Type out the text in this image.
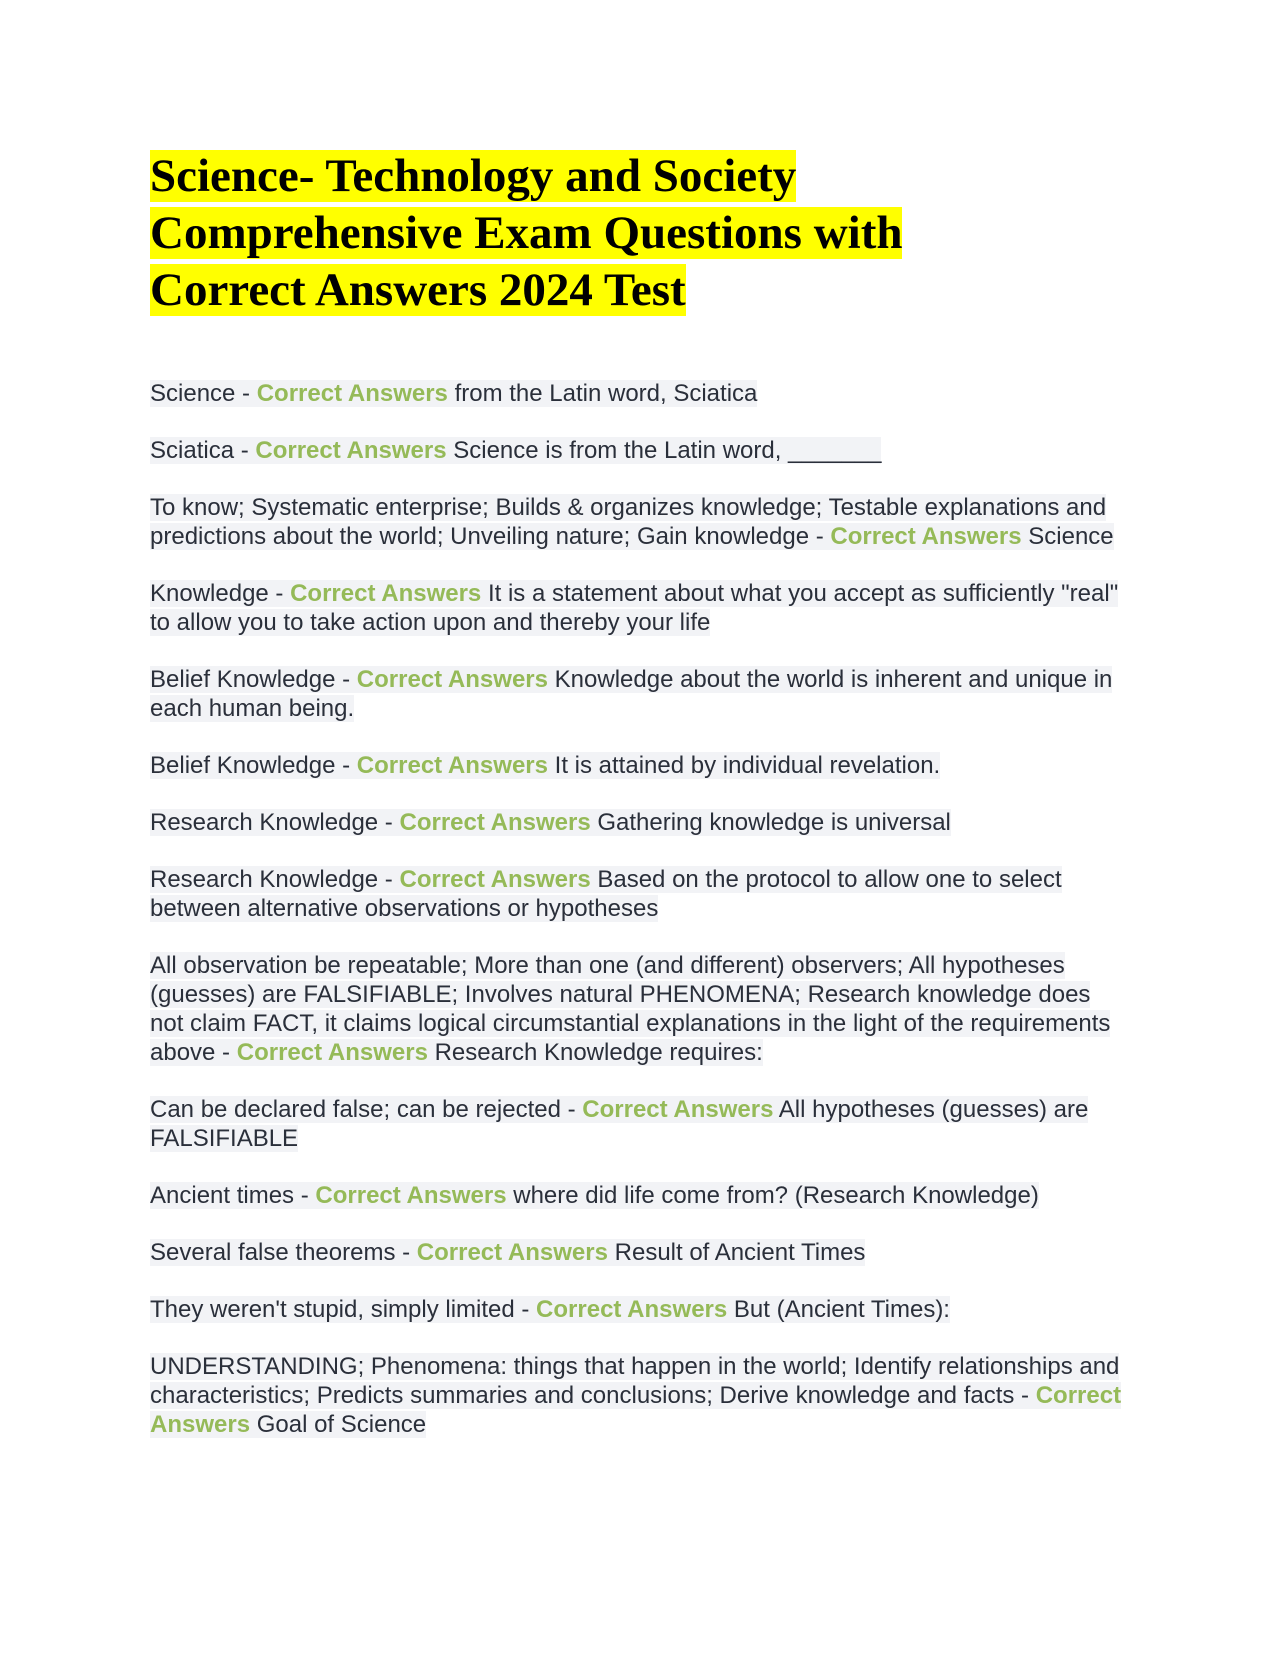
Science- Technology and Society
Comprehensive Exam Questions with
Correct Answers 2024 Test

Science - Correct Answers from the Latin word, Sciatica

Sciatica - Correct Answers Science is from the Latin word, _______

To know; Systematic enterprise; Builds & organizes knowledge; Testable explanations and predictions about the world; Unveiling nature; Gain knowledge - Correct Answers Science

Knowledge - Correct Answers It is a statement about what you accept as sufficiently "real" to allow you to take action upon and thereby your life

Belief Knowledge - Correct Answers Knowledge about the world is inherent and unique in each human being.

Belief Knowledge - Correct Answers It is attained by individual revelation.

Research Knowledge - Correct Answers Gathering knowledge is universal

Research Knowledge - Correct Answers Based on the protocol to allow one to select between alternative observations or hypotheses

All observation be repeatable; More than one (and different) observers; All hypotheses (guesses) are FALSIFIABLE; Involves natural PHENOMENA; Research knowledge does not claim FACT, it claims logical circumstantial explanations in the light of the requirements above - Correct Answers Research Knowledge requires:

Can be declared false; can be rejected - Correct Answers All hypotheses (guesses) are FALSIFIABLE

Ancient times - Correct Answers where did life come from? (Research Knowledge)

Several false theorems - Correct Answers Result of Ancient Times

They weren't stupid, simply limited - Correct Answers But (Ancient Times):

UNDERSTANDING; Phenomena: things that happen in the world; Identify relationships and characteristics; Predicts summaries and conclusions; Derive knowledge and facts - Correct Answers Goal of Science
